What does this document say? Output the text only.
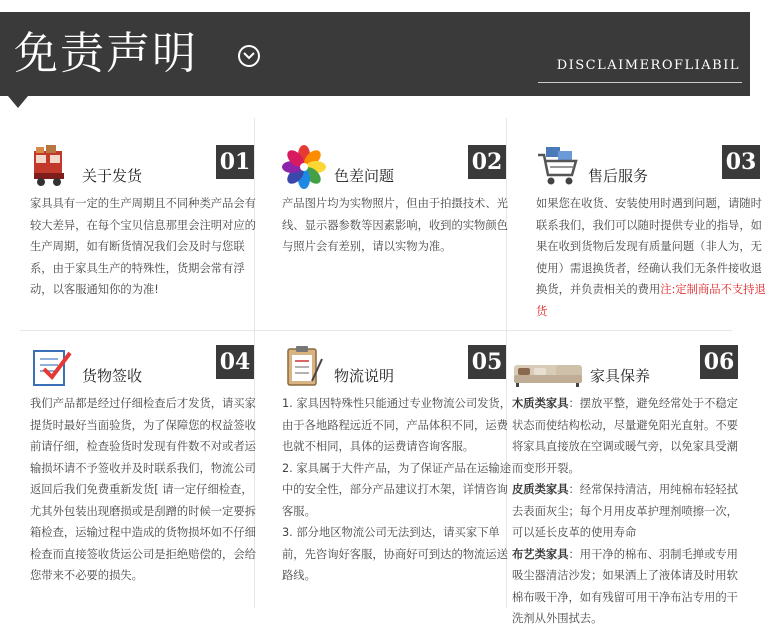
免责声明	DISCLAIMEROFLIABIL
关于发货
01
家具具有一定的生产周期且不同种类产品会有较大差异，在每个宝贝信息那里会注明对应的生产周期，如有断货情况我们会及时与您联系，由于家具生产的特殊性，货期会常有浮动，以客服通知你的为准!
色差问题
02
产品图片均为实物照片，但由于拍摄技术、光线、显示器参数等因素影响，收到的实物颜色与照片会有差别，请以实物为准。
售后服务
03
如果您在收货、安装使用时遇到问题，请随时联系我们，我们可以随时提供专业的指导，如果在收到货物后发现有质量问题（非人为，无使用）需退换货者，经确认我们无条件接收退换货，并负责相关的费用注:定制商品不支持退货
货物签收
04
我们产品都是经过仔细检查后才发货，请买家提货时最好当面验货，为了保障您的权益签收前请仔细，检查验货时发现有件数不对或者运输损坏请不予签收并及时联系我们，物流公司返回后我们免费重新发货[ 请一定仔细检查，尤其外包装出现磨损或是刮蹭的时候一定要拆箱检查，运输过程中造成的货物损坏如不仔细检查而直接签收货运公司是拒绝赔偿的，会给您带来不必要的损失。
物流说明
05

1. 家具因特殊性只能通过专业物流公司发货，由于各地路程远近不同，产品体积不同，运费也就不相同，具体的运费请咨询客服。

2. 家具属于大件产品，为了保证产品在运输途中的安全性，部分产品建议打木架，详情咨询客服。

3. 部分地区物流公司无法到达，请买家下单前，先咨询好客服，协商好可到达的物流运送路线。

家具保养
06

木质类家具：摆放平整，避免经常处于不稳定状态而使结构松动，尽量避免阳光直射。不要将家具直接放在空调或暖气旁，以免家具受潮而变形开裂。

皮质类家具：经常保持清洁，用纯棉布轻轻拭去表面灰尘；每个月用皮革护理剂喷擦一次，可以延长皮革的使用寿命

布艺类家具：用干净的棉布、羽制毛掸或专用吸尘器清洁沙发；如果洒上了液体请及时用软棉布吸干净，如有残留可用干净布沾专用的干洗剂从外围拭去。
